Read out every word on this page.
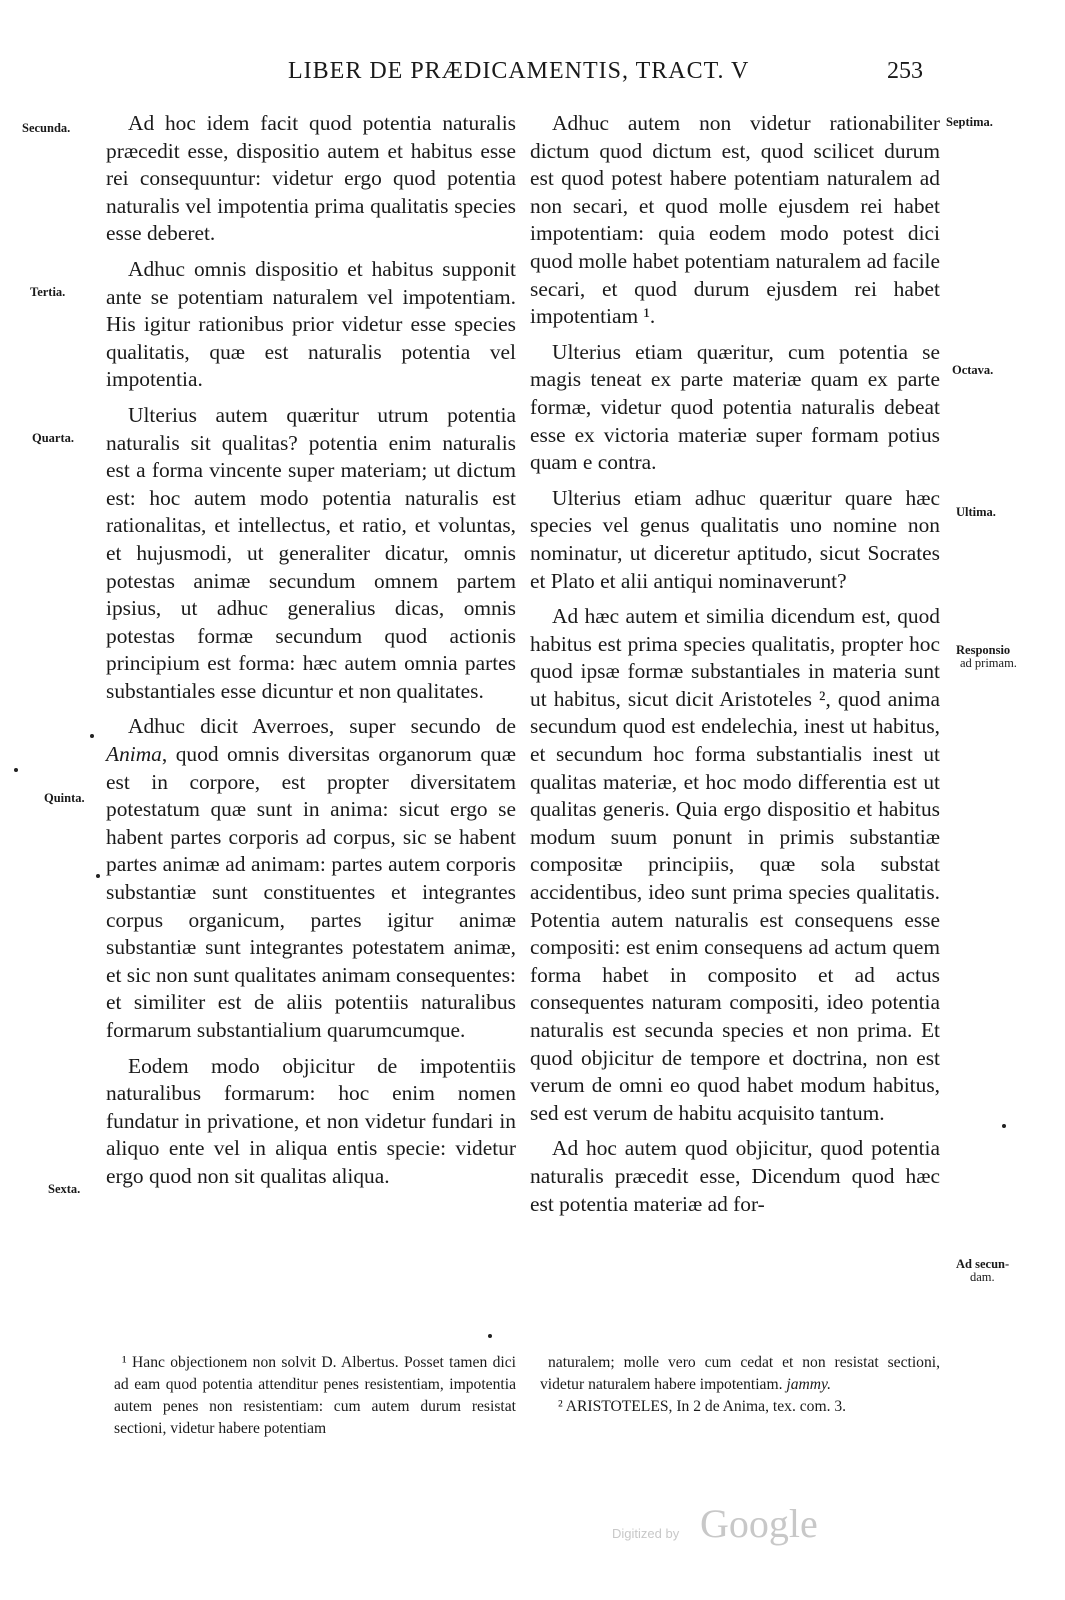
LIBER DE PRÆDICAMENTIS, TRACT. V	253
Secunda.
Tertia.
Quarta.
Quinta.
Sexta.
Septima.
Octava.
Ultima.
Responsio
ad primam.
Ad secun-
dam.

Ad hoc idem facit quod potentia naturalis præcedit esse, dispositio autem et habitus esse rei consequuntur: videtur ergo quod potentia naturalis vel impotentia prima qualitatis species esse deberet.

Adhuc omnis dispositio et habitus supponit ante se potentiam naturalem vel impotentiam. His igitur rationibus prior videtur esse species qualitatis, quæ est naturalis potentia vel impotentia.

Ulterius autem quæritur utrum potentia naturalis sit qualitas? potentia enim naturalis est a forma vincente super materiam; ut dictum est: hoc autem modo potentia naturalis est rationalitas, et intellectus, et ratio, et voluntas, et hujusmodi, ut generaliter dicatur, omnis potestas animæ secundum omnem partem ipsius, ut adhuc generalius dicas, omnis potestas formæ secundum quod actionis principium est forma: hæc autem omnia partes substantiales esse dicuntur et non qualitates.

Adhuc dicit Averroes, super secundo de Anima, quod omnis diversitas organorum quæ est in corpore, est propter diversitatem potestatum quæ sunt in anima: sicut ergo se habent partes corporis ad corpus, sic se habent partes animæ ad animam: partes autem corporis substantiæ sunt constituentes et integrantes corpus organicum, partes igitur animæ substantiæ sunt integrantes potestatem animæ, et sic non sunt qualitates animam consequentes: et similiter est de aliis potentiis naturalibus formarum substantialium quarumcumque.

Eodem modo objicitur de impotentiis naturalibus formarum: hoc enim nomen fundatur in privatione, et non videtur fundari in aliquo ente vel in aliqua entis specie: videtur ergo quod non sit qualitas aliqua.

Adhuc autem non videtur rationabiliter dictum quod dictum est, quod scilicet durum est quod potest habere potentiam naturalem ad non secari, et quod molle ejusdem rei habet impotentiam: quia eodem modo potest dici quod molle habet potentiam naturalem ad facile secari, et quod durum ejusdem rei habet impotentiam ¹.

Ulterius etiam quæritur, cum potentia se magis teneat ex parte materiæ quam ex parte formæ, videtur quod potentia naturalis debeat esse ex victoria materiæ super formam potius quam e contra.

Ulterius etiam adhuc quæritur quare hæc species vel genus qualitatis uno nomine non nominatur, ut diceretur aptitudo, sicut Socrates et Plato et alii antiqui nominaverunt?

Ad hæc autem et similia dicendum est, quod habitus est prima species qualitatis, propter hoc quod ipsæ formæ substantiales in materia sunt ut habitus, sicut dicit Aristoteles ², quod anima secundum quod est endelechia, inest ut habitus, et secundum hoc forma substantialis inest ut qualitas materiæ, et hoc modo differentia est ut qualitas generis. Quia ergo dispositio et habitus modum suum ponunt in primis substantiæ compositæ principiis, quæ sola substat accidentibus, ideo sunt prima species qualitatis. Potentia autem naturalis est consequens esse compositi: est enim consequens ad actum quem forma habet in composito et ad actus consequentes naturam compositi, ideo potentia naturalis est secunda species et non prima. Et quod objicitur de tempore et doctrina, non est verum de omni eo quod habet modum habitus, sed est verum de habitu acquisito tantum.

Ad hoc autem quod objicitur, quod potentia naturalis præcedit esse, Dicendum quod hæc est potentia materiæ ad for-

¹ Hanc objectionem non solvit D. Albertus. Posset tamen dici ad eam quod potentia attenditur penes resistentiam, impotentia autem penes non resistentiam: cum autem durum resistat sectioni, videtur habere potentiam

naturalem; molle vero cum cedat et non resistat sectioni, videtur naturalem habere impotentiam. jammy.

² ARISTOTELES, In 2 de Anima, tex. com. 3.

Digitized by Google
